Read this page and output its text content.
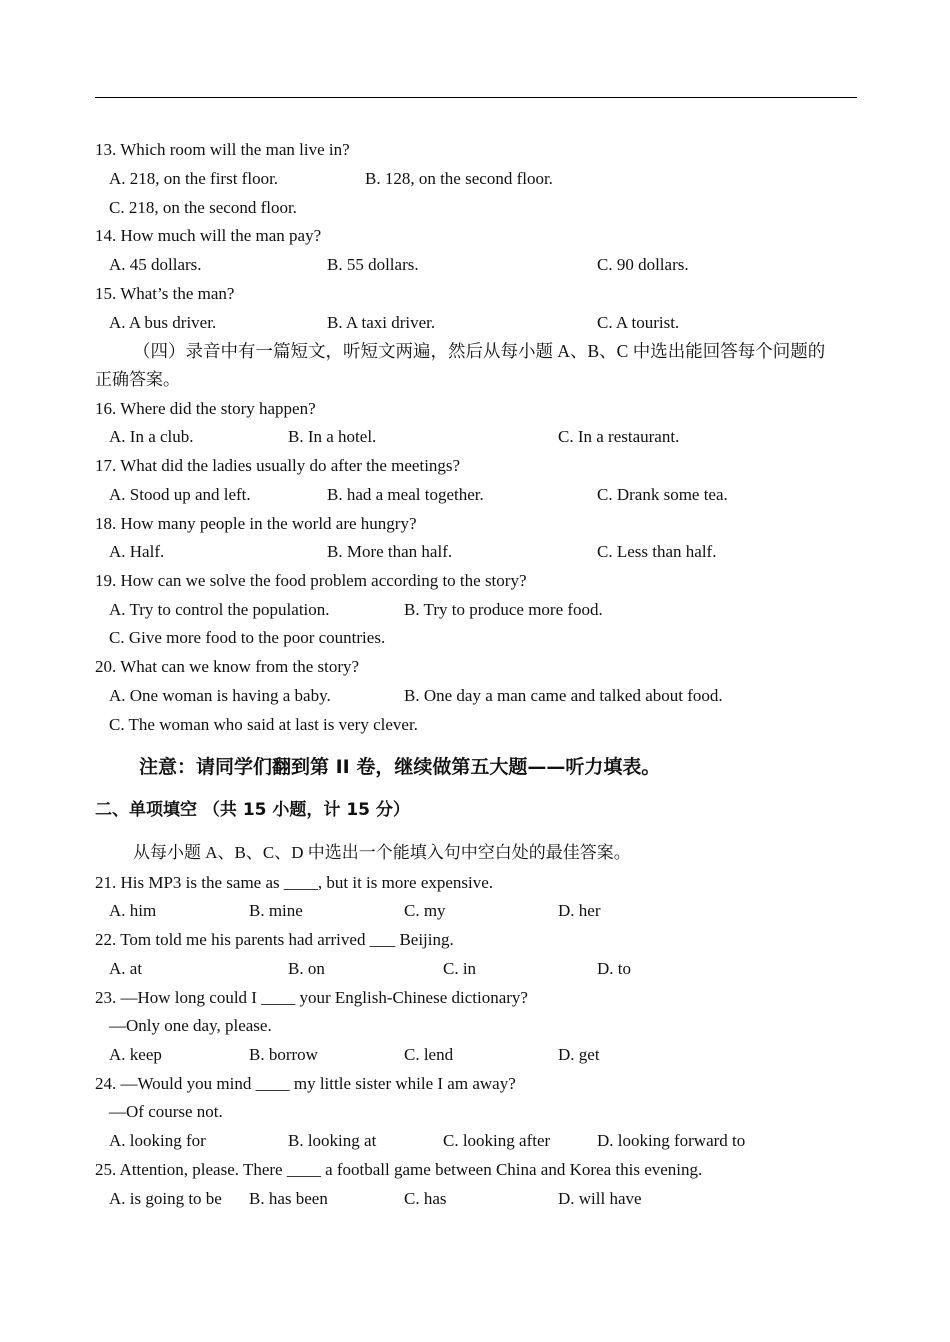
13. Which room will the man live in?
A. 218, on the first floor.	B. 128, on the second floor.
C. 218, on the second floor.
14. How much will the man pay?
A. 45 dollars.	B. 55 dollars.	C. 90 dollars.
15. What’s the man?
A. A bus driver.	B. A taxi driver.	C. A tourist.
（四）录音中有一篇短文，听短文两遍，然后从每小题 A、B、C 中选出能回答每个问题的
正确答案。
16. Where did the story happen?
A. In a club.	B. In a hotel.	C. In a restaurant.
17. What did the ladies usually do after the meetings?
A. Stood up and left.	B. had a meal together.	C. Drank some tea.
18. How many people in the world are hungry?
A. Half.	B. More than half.	C. Less than half.
19. How can we solve the food problem according to the story?
A. Try to control the population.	B. Try to produce more food.
C. Give more food to the poor countries.
20. What can we know from the story?
A. One woman is having a baby.	B. One day a man came and talked about food.
C. The woman who said at last is very clever.
注意：请同学们翻到第 II 卷，继续做第五大题——听力填表。
二、单项填空 （共 15 小题，计 15 分）
从每小题 A、B、C、D 中选出一个能填入句中空白处的最佳答案。
21. His MP3 is the same as ____, but it is more expensive.
A. him	B. mine	C. my	D. her
22. Tom told me his parents had arrived ___ Beijing.
A. at	B. on	C. in	D. to
23. —How long could I ____ your English-Chinese dictionary?
—Only one day, please.
A. keep	B. borrow	C. lend	D. get
24. —Would you mind ____ my little sister while I am away?
—Of course not.
A. looking for	B. looking at	C. looking after	D. looking forward to
25. Attention, please. There ____ a football game between China and Korea this evening.
A. is going to be B. has been	C. has	D. will have
